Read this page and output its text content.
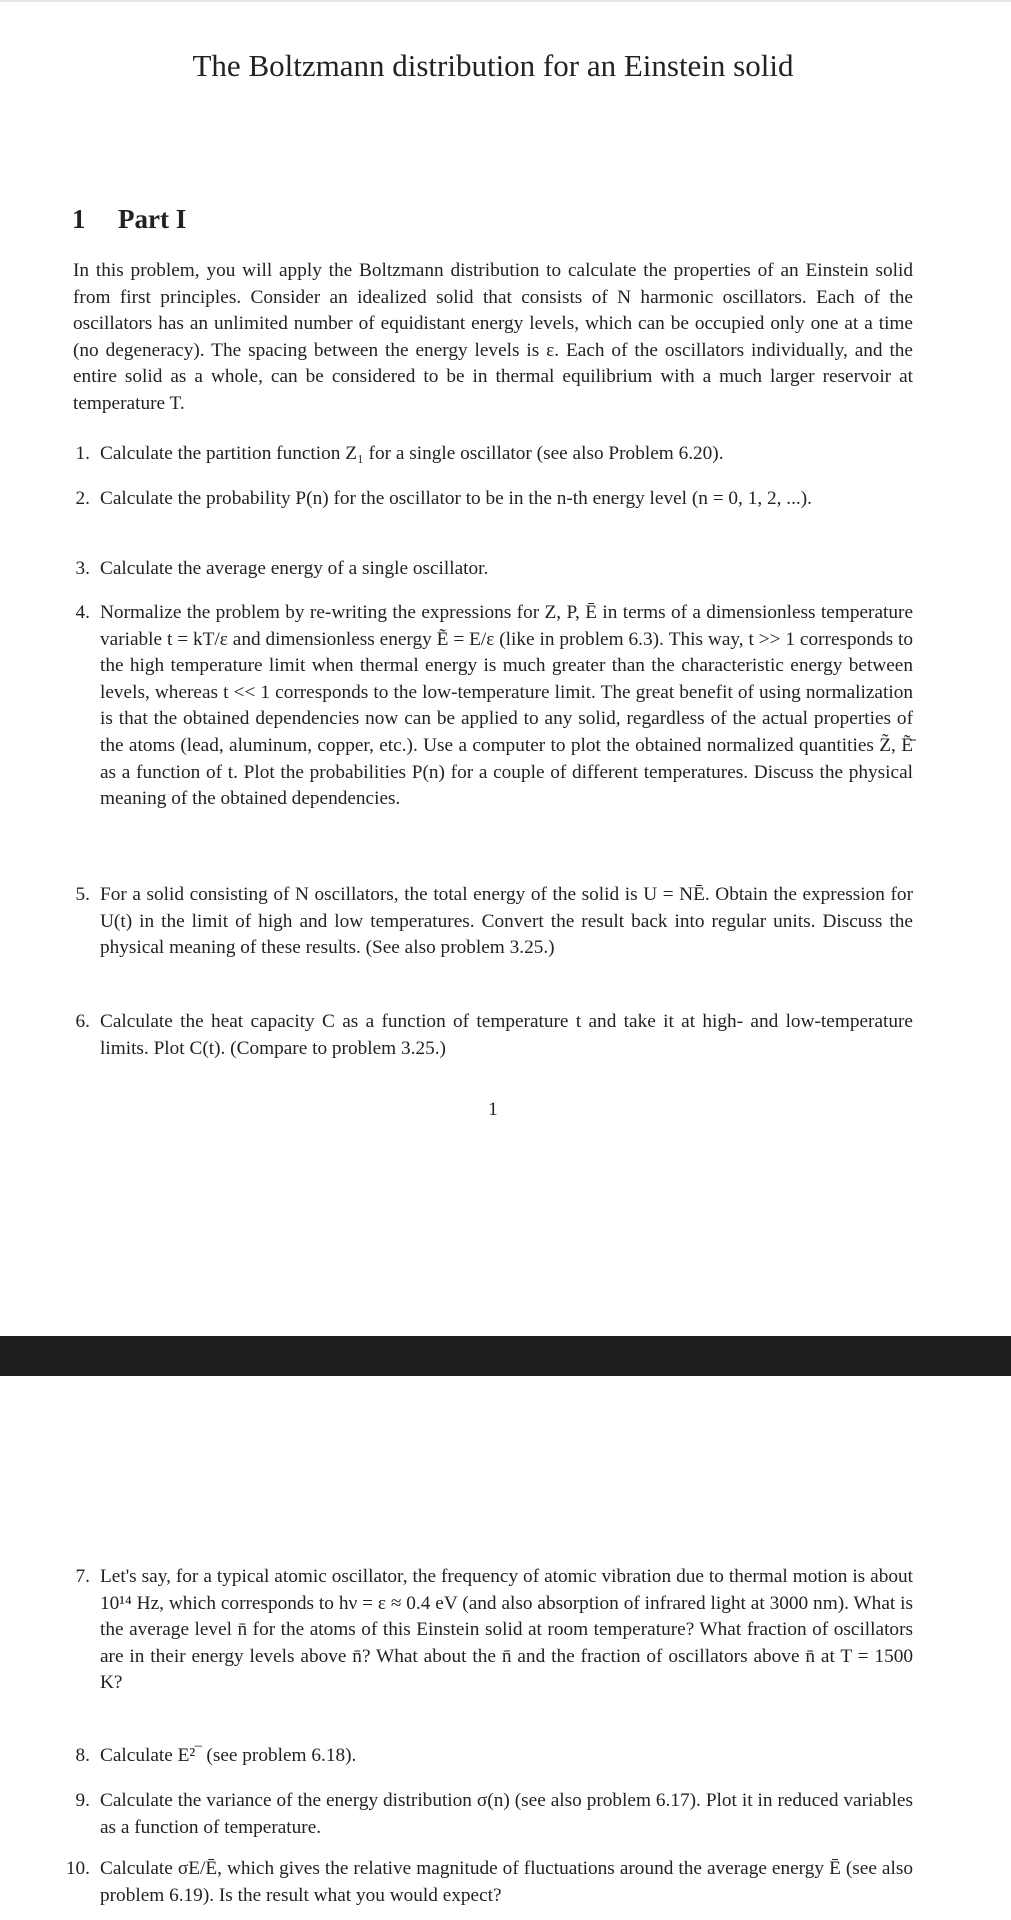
The Boltzmann distribution for an Einstein solid
1 Part I
In this problem, you will apply the Boltzmann distribution to calculate the properties of an Einstein solid from first principles. Consider an idealized solid that consists of N harmonic oscillators. Each of the oscillators has an unlimited number of equidistant energy levels, which can be occupied only one at a time (no degeneracy). The spacing between the energy levels is ε. Each of the oscillators individually, and the entire solid as a whole, can be considered to be in thermal equilibrium with a much larger reservoir at temperature T.
1. Calculate the partition function Z₁ for a single oscillator (see also Problem 6.20).
2. Calculate the probability P(n) for the oscillator to be in the n-th energy level (n = 0, 1, 2, ...).
3. Calculate the average energy of a single oscillator.
4. Normalize the problem by re-writing the expressions for Z, P, Ē in terms of a dimensionless temperature variable t = kT/ε and dimensionless energy Ẽ = E/ε (like in problem 6.3). This way, t >> 1 corresponds to the high temperature limit when thermal energy is much greater than the characteristic energy between levels, whereas t << 1 corresponds to the low-temperature limit. The great benefit of using normalization is that the obtained dependencies now can be applied to any solid, regardless of the actual properties of the atoms (lead, aluminum, copper, etc.). Use a computer to plot the obtained normalized quantities Z̃, Ẽ̄ as a function of t. Plot the probabilities P(n) for a couple of different temperatures. Discuss the physical meaning of the obtained dependencies.
5. For a solid consisting of N oscillators, the total energy of the solid is U = NĒ. Obtain the expression for U(t) in the limit of high and low temperatures. Convert the result back into regular units. Discuss the physical meaning of these results. (See also problem 3.25.)
6. Calculate the heat capacity C as a function of temperature t and take it at high- and low-temperature limits. Plot C(t). (Compare to problem 3.25.)
1
7. Let's say, for a typical atomic oscillator, the frequency of atomic vibration due to thermal motion is about 10¹⁴ Hz, which corresponds to hν = ε ≈ 0.4 eV (and also absorption of infrared light at 3000 nm). What is the average level n̄ for the atoms of this Einstein solid at room temperature? What fraction of oscillators are in their energy levels above n̄? What about the n̄ and the fraction of oscillators above n̄ at T = 1500 K?
8. Calculate E²‾ (see problem 6.18).
9. Calculate the variance of the energy distribution σ(n) (see also problem 6.17). Plot it in reduced variables as a function of temperature.
10. Calculate σE/Ē, which gives the relative magnitude of fluctuations around the average energy Ē (see also problem 6.19). Is the result what you would expect?
